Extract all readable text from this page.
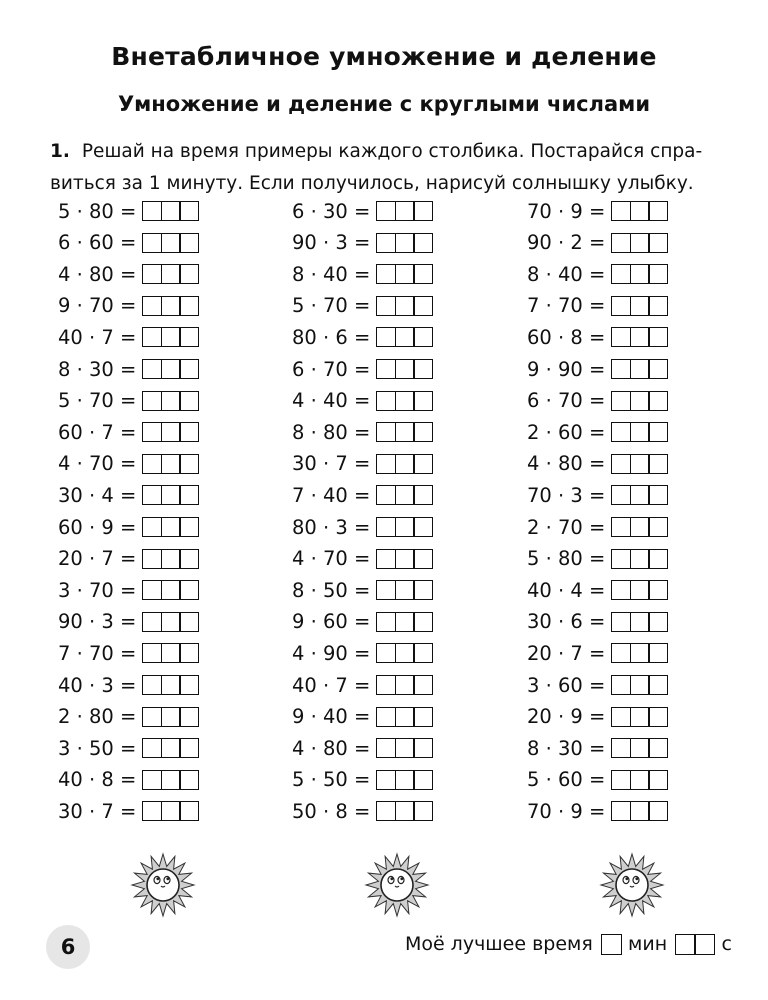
Внетабличное умножение и деление
Умножение и деление с круглыми числами
1. Решай на время примеры каждого столбика. Постарайся спра-
виться за 1 минуту. Если получилось, нарисуй солнышку улыбку.
5 · 80 =
6 · 60 =
4 · 80 =
9 · 70 =
40 · 7 =
8 · 30 =
5 · 70 =
60 · 7 =
4 · 70 =
30 · 4 =
60 · 9 =
20 · 7 =
3 · 70 =
90 · 3 =
7 · 70 =
40 · 3 =
2 · 80 =
3 · 50 =
40 · 8 =
30 · 7 =
6 · 30 =
90 · 3 =
8 · 40 =
5 · 70 =
80 · 6 =
6 · 70 =
4 · 40 =
8 · 80 =
30 · 7 =
7 · 40 =
80 · 3 =
4 · 70 =
8 · 50 =
9 · 60 =
4 · 90 =
40 · 7 =
9 · 40 =
4 · 80 =
5 · 50 =
50 · 8 =
70 · 9 =
90 · 2 =
8 · 40 =
7 · 70 =
60 · 8 =
9 · 90 =
6 · 70 =
2 · 60 =
4 · 80 =
70 · 3 =
2 · 70 =
5 · 80 =
40 · 4 =
30 · 6 =
20 · 7 =
3 · 60 =
20 · 9 =
8 · 30 =
5 · 60 =
70 · 9 =
6	Моё лучшее время мин	с
